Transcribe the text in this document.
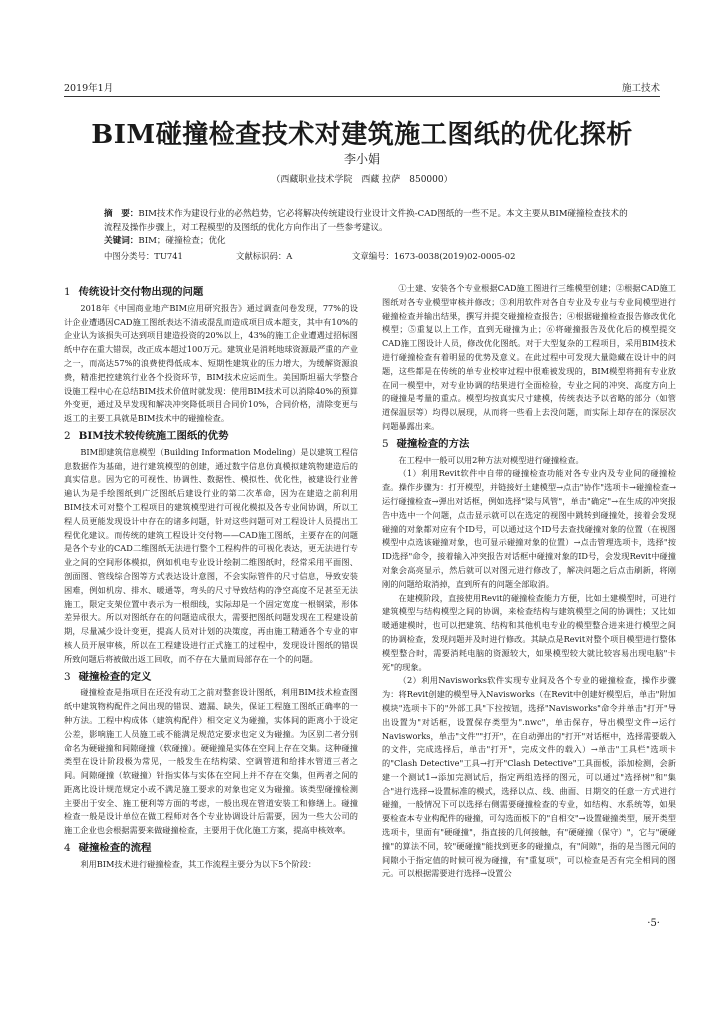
2019年1月	施工技术
BIM碰撞检查技术对建筑施工图纸的优化探析
李小娟
（西藏职业技术学院　西藏 拉萨　850000）
摘　要：BIM技术作为建设行业的必然趋势，它必将解决传统建设行业设计文件换-CAD图纸的一些不足。本文主要从BIM碰撞检查技术的流程及操作步骤上，对工程模型的及图纸的优化方向作出了一些参考建议。
关键词：BIM；碰撞检查；优化
中图分类号：TU741	文献标识码：A	文章编号：1673-0038(2019)02-0005-02
1 传统设计交付物出现的问题

2018年《中国商业地产BIM应用研究报告》通过调查问卷发现，77%的设计企业遭遇因CAD施工图纸表达不清或混乱而造成项目成本超支，其中有10%的企业认为该损失可达到项目建造投资的20%以上，43%的施工企业遭遇过招标图纸中存在重大错误，改正成本超过100万元。建筑业是消耗地球资源最严重的产业之一，而高达57%的浪费使得低成本、短期性建筑业的压力增大，为缓解资源浪费，精准把控建筑行业各个投资环节，BIM技术应运而生。美国斯坦福大学整合设施工程中心在总结BIM技术价值时就发现：使用BIM技术可以消除40%的预算外变更，通过及早发现和解决冲突降低项目合同价10%，合同价格，清除变更与返工的主要工具就是BIM技术中的碰撞检查。

2 BIM技术较传统施工图纸的优势

BIM即建筑信息模型（Building Information Modeling）是以建筑工程信息数据作为基础，进行建筑模型的创建，通过数字信息仿真模拟建筑物建造后的真实信息。因为它的可视性、协调性、数据性、模拟性、优化性，被建设行业普遍认为是手绘图纸到广泛图纸后建设行业的第二次革命，因为在建造之前利用BIM技术可对整个工程项目的建筑模型进行可视化模拟及各专业间协调，所以工程人员更能发现设计中存在的诸多问题，针对这些问题可对工程设计人员提出工程优化建议。而传统的建筑工程设计交付物——CAD施工图纸，主要存在的问题是各个专业的CAD二维图纸无法进行整个工程构件的可视化表达，更无法进行专业之间的空间形体模拟，例如机电专业设计绘制二维图纸时，经常采用平面图、剖面图、管线综合图等方式表达设计意图，不会实际管件的尺寸信息，导致安装困难，例如机房、排水、暖通等，弯头的尺寸导致结构的净空高度不足甚至无法施工，限定支架位置中表示为一根细线，实际却是一个固定宽度一根钢梁，形体差异很大。所以对图纸存在的问题造成很大，需要把图纸问题发现在工程建设前期，尽量减少设计变更，提高人员对计划的决策度，再由施工精通各个专业的审核人员开展审核，所以在工程建设进行正式施工的过程中，发现设计图纸的错误所致问题后将被做出返工回收，而不存在大量而局部存在一个的问题。

3 碰撞检查的定义

碰撞检查是指项目在还没有动工之前对整套设计图纸，利用BIM技术检查图纸中建筑物构配件之间出现的错误、遗漏、缺失，保证工程施工图纸正确率的一种方法。工程中构成体（建筑构配件）相交定义为碰撞，实体间的距离小于设定公差，影响施工人员施工或不能满足规范定要求也定义为碰撞。为区别二者分别命名为硬碰撞和间隙碰撞（软碰撞）。硬碰撞是实体在空间上存在交集。这种碰撞类型在设计阶段极为常见，一般发生在结构梁、空调管道和给排水管道三者之间。间隙碰撞（软碰撞）针指实体与实体在空间上并不存在交集，但两者之间的距离比设计规范规定小或不满足施工要求的对象也定义为碰撞。该类型碰撞检测主要出于安全、施工便利等方面的考虑，一般出现在管道安装工和修缮上。碰撞检查一般是设计单位在做工程师对各个专业协调设计后需要，因为一些大公司的施工企业也会根据需要来做碰撞检查，主要用于优化施工方案，提高申核效率。

4 碰撞检查的流程

利用BIM技术进行碰撞检查，其工作流程主要分为以下5个阶段：

①土建、安装各个专业根据CAD施工图进行三维模型创建；②根据CAD施工图纸对各专业模型审核并修改；③利用软件对各自专业及专业与专业间模型进行碰撞检查并输出结果，撰写并提交碰撞检查报告；④根据碰撞检查报告修改优化模型；⑤重复以上工作，直到无碰撞为止；⑥将碰撞报告及优化后的模型提交CAD施工图设计人员，修改优化图纸。对于大型复杂的工程项目，采用BIM技术进行碰撞检查有着明显的优势及意义。在此过程中可发现大量隐藏在设计中的问题，这些都是在传统的单专业校审过程中很难被发现的，BIM模型将拥有专业放在同一模型中，对专业协调的结果进行全面检验，专业之间的冲突、高度方向上的碰撞是考量的重点。模型均按真实尺寸建模，传统表达予以省略的部分（如管道保温层等）均得以展现，从而将一些看上去没问题，而实际上却存在的深层次问题暴露出来。

5 碰撞检查的方法

在工程中一般可以用2种方法对模型进行碰撞检查。

（1）利用Revit软件中自带的碰撞检查功能对各专业内及专业间的碰撞检查。操作步骤为：打开模型，并链接好土建模型→点击"协作"选项卡→碰撞检查→运行碰撞检查→弹出对话框，例如选择"梁与风管"，单击"确定"→在生成的冲突报告中选中一个问题，点击显示就可以在选定的视图中跳转到碰撞处，接着会发现碰撞的对象都对应有个ID号，可以通过这个ID号去查找碰撞对象的位置（在视图模型中点选该碰撞对象，也可显示碰撞对象的位置）→点击管理选项卡，选择"按ID选择"命令，接着输入冲突报告对话框中碰撞对象的ID号，会发现Revit中碰撞对象会高亮显示，然后就可以对图元进行修改了，解决问题之后点击刷新，将刚刚的问题给取消掉，直到所有的问题全部取消。

在建模阶段，直接使用Revit的碰撞检查能力方便，比如土建模型时，可进行建筑模型与结构模型之间的协调，来检查结构与建筑模型之间的协调性；又比如暖通建模时，也可以把建筑、结构和其他机电专业的模型整合进来进行模型之间的协调检查，发现问题并及时进行修改。其缺点是Revit对整个项目模型进行整体模型整合时，需要消耗电脑的资源较大，如果模型较大就比较容易出现电脑"卡死"的现象。

（2）利用Navisworks软件实现专业间及各个专业的碰撞检查，操作步骤为：将Revit创建的模型导入Navisworks（在Revit中创建好模型后，单击"附加模块"选项卡下的"外部工具"下拉按钮，选择"Navisworks"命令并单击"打开"导出设置为"对话框，设置保存类型为".nwc"，单击保存，导出模型文件→运行Navisworks，单击"文件""打开"，在自动弹出的"打开"对话框中，选择需要载入的文件，完成选择后，单击"打开"，完成文件的载入）→单击"工具栏"选项卡的"Clash Detective"工具→打开"Clash Detective"工具面板，添加检测，会新建一个测试1→添加完测试后，指定两组选择的图元，可以通过"选择树"和"集合"进行选择→设置标准的模式，选择以点、线、曲面、日期交的任意一方式进行碰撞，一般情况下可以选择右侧需要碰撞检查的专业，如结构、水系统等，如果要检查本专业构配件的碰撞，可勾选面板下的"自相交"→设置碰撞类型，展开类型选项卡，里面有"硬碰撞"，指直接的几何接触，有"硬碰撞（保守）"，它与"硬碰撞"的算法不同，较"硬碰撞"能找到更多的碰撞点，有"间隙"，指的是当图元间的间隙小于指定值的时候可视为碰撞，有"重复项"，可以检查是否有完全相同的图元。可以根据需要进行选择→设置公

·5·
